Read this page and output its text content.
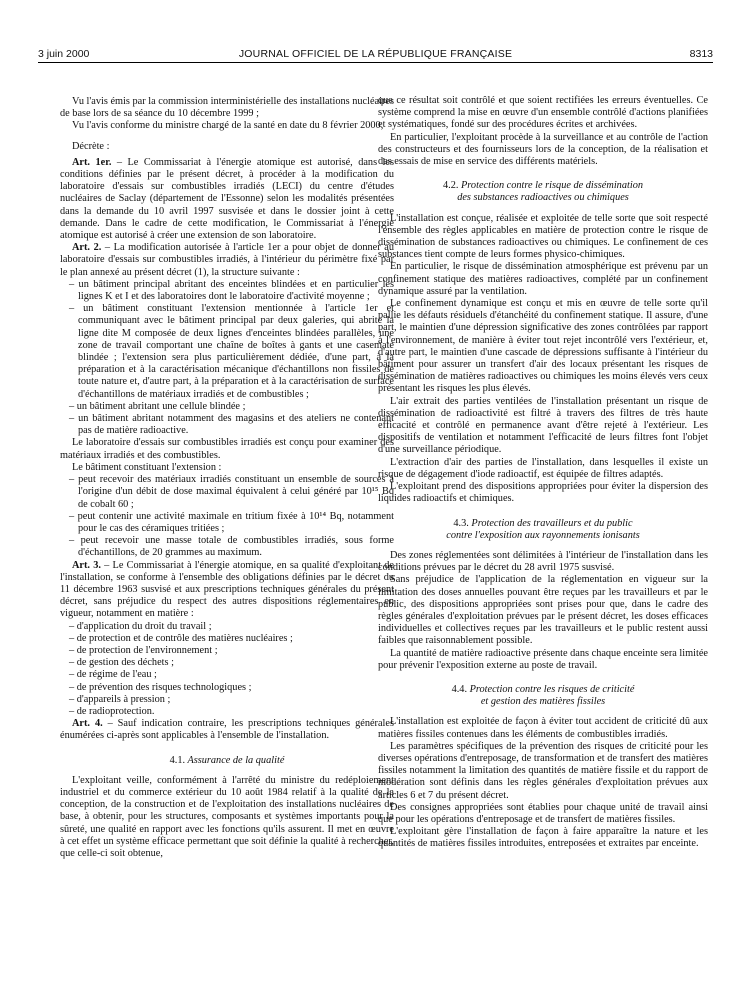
3 juin 2000	JOURNAL OFFICIEL DE LA RÉPUBLIQUE FRANÇAISE	8313

Vu l'avis émis par la commission interministérielle des installations nucléaires de base lors de sa séance du 10 décembre 1999 ;

Vu l'avis conforme du ministre chargé de la santé en date du 8 février 2000,

Décrète :

Art. 1er. – Le Commissariat à l'énergie atomique est autorisé, dans les conditions définies par le présent décret, à procéder à la modification du laboratoire d'essais sur combustibles irradiés (LECI) du centre d'études nucléaires de Saclay (département de l'Essonne) selon les modalités présentées dans la demande du 10 avril 1997 susvisée et dans le dossier joint à cette demande. Dans le cadre de cette modification, le Commissariat à l'énergie atomique est autorisé à créer une extension de son laboratoire.

Art. 2. – La modification autorisée à l'article 1er a pour objet de donner au laboratoire d'essais sur combustibles irradiés, à l'intérieur du périmètre fixé par le plan annexé au présent décret (1), la structure suivante :

– un bâtiment principal abritant des enceintes blindées et en particulier les lignes K et I et des laboratoires dont le laboratoire d'activité moyenne ;
– un bâtiment constituant l'extension mentionnée à l'article 1er et communiquant avec le bâtiment principal par deux galeries, qui abrite la ligne dite M composée de deux lignes d'enceintes blindées parallèles, une zone de travail comportant une chaîne de boîtes à gants et une casemate blindée ; l'extension sera plus particulièrement dédiée, d'une part, à la préparation et à la caractérisation mécanique d'échantillons non fissiles de toute nature et, d'autre part, à la préparation et à la caractérisation de surface d'échantillons de matériaux irradiés et de combustibles ;
– un bâtiment abritant une cellule blindée ;
– un bâtiment abritant notamment des magasins et des ateliers ne contenant pas de matière radioactive.

Le laboratoire d'essais sur combustibles irradiés est conçu pour examiner des matériaux irradiés et des combustibles.

Le bâtiment constituant l'extension :

– peut recevoir des matériaux irradiés constituant un ensemble de sources à l'origine d'un débit de dose maximal équivalent à celui généré par 10¹⁵ Bq de cobalt 60 ;
– peut contenir une activité maximale en tritium fixée à 10¹⁴ Bq, notamment pour le cas des céramiques tritiées ;
– peut recevoir une masse totale de combustibles irradiés, sous forme d'échantillons, de 20 grammes au maximum.

Art. 3. – Le Commissariat à l'énergie atomique, en sa qualité d'exploitant de l'installation, se conforme à l'ensemble des obligations définies par le décret du 11 décembre 1963 susvisé et aux prescriptions techniques générales du présent décret, sans préjudice du respect des autres dispositions réglementaires en vigueur, notamment en matière :

– d'application du droit du travail ;
– de protection et de contrôle des matières nucléaires ;
– de protection de l'environnement ;
– de gestion des déchets ;
– de régime de l'eau ;
– de prévention des risques technologiques ;
– d'appareils à pression ;
– de radioprotection.

Art. 4. – Sauf indication contraire, les prescriptions techniques générales énumérées ci-après sont applicables à l'ensemble de l'installation.

4.1. Assurance de la qualité

L'exploitant veille, conformément à l'arrêté du ministre du redéploiement industriel et du commerce extérieur du 10 août 1984 relatif à la qualité de la conception, de la construction et de l'exploitation des installations nucléaires de base, à obtenir, pour les structures, composants et systèmes importants pour la sûreté, une qualité en rapport avec les fonctions qu'ils assurent. Il met en œuvre à cet effet un système efficace permettant que soit définie la qualité à rechercher, que celle-ci soit obtenue,

que ce résultat soit contrôlé et que soient rectifiées les erreurs éventuelles. Ce système comprend la mise en œuvre d'un ensemble contrôlé d'actions planifiées et systématiques, fondé sur des procédures écrites et archivées.

En particulier, l'exploitant procède à la surveillance et au contrôle de l'action des constructeurs et des fournisseurs lors de la conception, de la réalisation et des essais de mise en service des différents matériels.

4.2. Protection contre le risque de dissémination
des substances radioactives ou chimiques

L'installation est conçue, réalisée et exploitée de telle sorte que soit respecté l'ensemble des règles applicables en matière de protection contre le risque de dissémination de substances radioactives ou chimiques. Le confinement de ces substances tient compte de leurs formes physico-chimiques.

En particulier, le risque de dissémination atmosphérique est prévenu par un confinement statique des matières radioactives, complété par un confinement dynamique assuré par la ventilation.

Le confinement dynamique est conçu et mis en œuvre de telle sorte qu'il pallie les défauts résiduels d'étanchéité du confinement statique. Il assure, d'une part, le maintien d'une dépression significative des zones contrôlées par rapport à l'environnement, de manière à éviter tout rejet incontrôlé vers l'extérieur, et, d'autre part, le maintien d'une cascade de dépressions suffisante à l'intérieur du bâtiment pour assurer un transfert d'air des locaux présentant les risques de dissémination de matières radioactives ou chimiques les moins élevés vers ceux présentant les risques les plus élevés.

L'air extrait des parties ventilées de l'installation présentant un risque de dissémination de radioactivité est filtré à travers des filtres de très haute efficacité et contrôlé en permanence avant d'être rejeté à l'extérieur. Les dispositifs de ventilation et notamment l'efficacité de leurs filtres font l'objet d'une surveillance périodique.

L'extraction d'air des parties de l'installation, dans lesquelles il existe un risque de dégagement d'iode radioactif, est équipée de filtres adaptés.

L'exploitant prend des dispositions appropriées pour éviter la dispersion des liquides radioactifs et chimiques.

4.3. Protection des travailleurs et du public
contre l'exposition aux rayonnements ionisants

Des zones réglementées sont délimitées à l'intérieur de l'installation dans les conditions prévues par le décret du 28 avril 1975 susvisé.

Sans préjudice de l'application de la réglementation en vigueur sur la limitation des doses annuelles pouvant être reçues par les travailleurs et par le public, des dispositions appropriées sont prises pour que, dans le cadre des règles générales d'exploitation prévues par le présent décret, les doses efficaces individuelles et collectives reçues par les travailleurs et le public restent aussi faibles que raisonnablement possible.

La quantité de matière radioactive présente dans chaque enceinte sera limitée pour prévenir l'exposition externe au poste de travail.

4.4. Protection contre les risques de criticité
et gestion des matières fissiles

L'installation est exploitée de façon à éviter tout accident de criticité dû aux matières fissiles contenues dans les éléments de combustibles irradiés.

Les paramètres spécifiques de la prévention des risques de criticité pour les diverses opérations d'entreposage, de transformation et de transfert des matières fissiles notamment la limitation des quantités de matière fissile et du rapport de modération sont définis dans les règles générales d'exploitation prévues aux articles 6 et 7 du présent décret.

Des consignes appropriées sont établies pour chaque unité de travail ainsi que pour les opérations d'entreposage et de transfert de matières fissiles.

L'exploitant gère l'installation de façon à faire apparaître la nature et les quantités de matières fissiles introduites, entreposées et extraites par enceinte.
